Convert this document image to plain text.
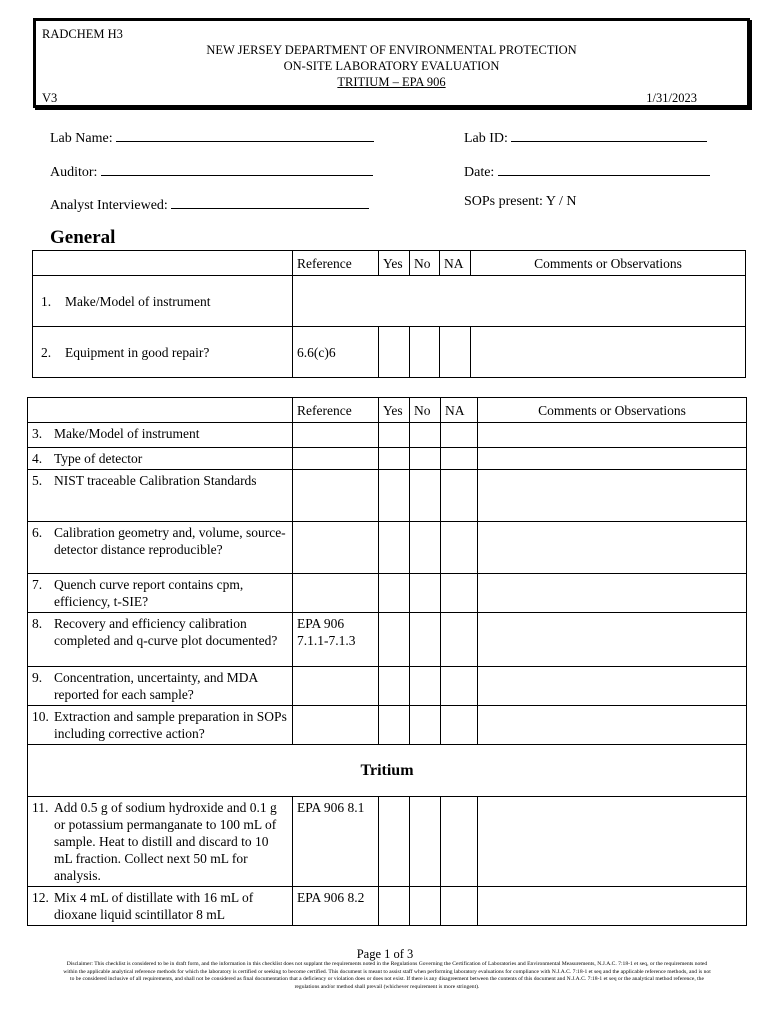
RADCHEM H3
NEW JERSEY DEPARTMENT OF ENVIRONMENTAL PROTECTION
ON-SITE LABORATORY EVALUATION
TRITIUM – EPA 906
V3	1/31/2023
Lab Name:	Lab ID:
Auditor:	Date:
Analyst Interviewed:	SOPs present: Y / N
General
	Reference	Yes	No	NA	Comments or Observations

1. Make/Model of instrument					

2. Equipment in good repair?	6.6(c)6				
	Reference	Yes	No	NA	Comments or Observations

3. Make/Model of instrument					

4. Type of detector					

5. NIST traceable Calibration Standards					

6. Calibration geometry and, volume, source-detector distance reproducible?					

7. Quench curve report contains cpm, efficiency, t-SIE?					

8. Recovery and efficiency calibration completed and q-curve plot documented?	EPA 906 7.1.1-7.1.3				

9. Concentration, uncertainty, and MDA reported for each sample?					

10. Extraction and sample preparation in SOPs including corrective action?					

Tritium					

11. Add 0.5 g of sodium hydroxide and 0.1 g or potassium permanganate to 100 mL of sample. Heat to distill and discard to 10 mL fraction. Collect next 50 mL for analysis.	EPA 906 8.1				

12. Mix 4 mL of distillate with 16 mL of dioxane liquid scintillator 8 mL	EPA 906 8.2				
Page 1 of 3
Disclaimer: This checklist is considered to be in draft form, and the information in this checklist does not supplant the requirements noted in the Regulations Governing the Certification of Laboratories and Environmental Measurements, N.J.A.C. 7:18-1 et seq, or the requirements noted within the applicable analytical reference methods for which the laboratory is certified or seeking to become certified. This document is meant to assist staff when performing laboratory evaluations for compliance with N.J.A.C. 7:18-1 et seq and the applicable reference methods, and is not to be considered inclusive of all requirements, and shall not be considered as final documentation that a deficiency or violation does or does not exist. If there is any disagreement between the contents of this document and N.J.A.C. 7:18-1 et seq or the analytical method reference, the regulations and/or method shall prevail (whichever requirement is more stringent).
